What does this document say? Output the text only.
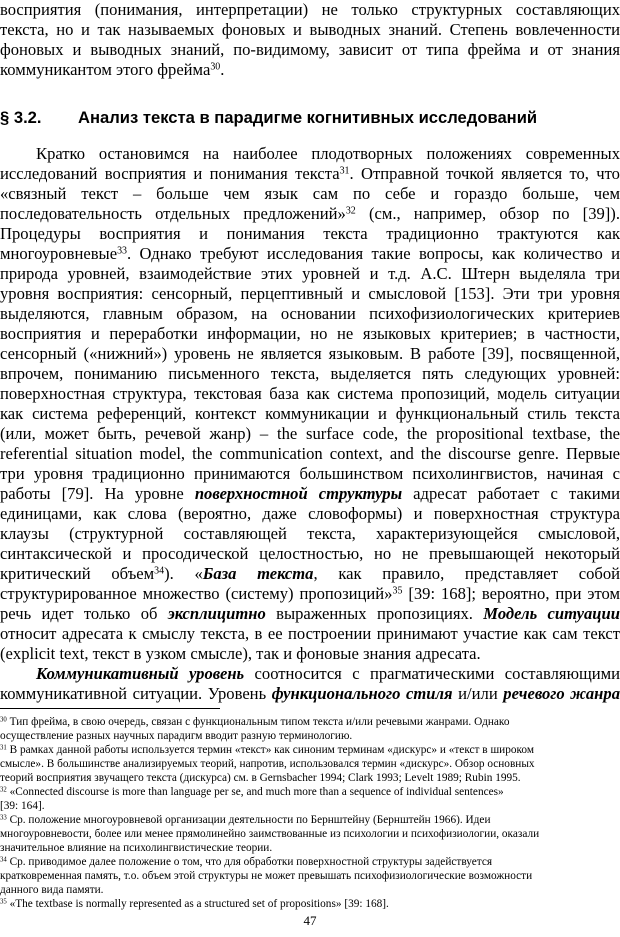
восприятия (понимания, интерпретации) не только структурных составляющих
текста, но и так называемых фоновых и выводных знаний. Степень вовлеченности
фоновых и выводных знаний, по-видимому, зависит от типа фрейма и от знания
коммуникантом этого фрейма$^{30}$.
§ 3.2. Анализ текста в парадигме когнитивных исследований
Кратко остановимся на наиболее плодотворных положениях современных
исследований восприятия и понимания текста$^{31}$. Отправной точкой является то, что
«связный текст – больше чем язык сам по себе и гораздо больше, чем
последовательность отдельных предложений»$^{32}$ (см., например, обзор по [39]).
Процедуры восприятия и понимания текста традиционно трактуются как
многоуровневые$^{33}$. Однако требуют исследования такие вопросы, как количество и
природа уровней, взаимодействие этих уровней и т.д. А.С. Штерн выделяла три
уровня восприятия: сенсорный, перцептивный и смысловой [153]. Эти три уровня
выделяются, главным образом, на основании психофизиологических критериев
восприятия и переработки информации, но не языковых критериев; в частности,
сенсорный («нижний») уровень не является языковым. В работе [39], посвященной,
впрочем, пониманию письменного текста, выделяется пять следующих уровней:
поверхностная структура, текстовая база как система пропозиций, модель ситуации
как система референций, контекст коммуникации и функциональный стиль текста
(или, может быть, речевой жанр) – the surface code, the propositional textbase, the
referential situation model, the communication context, and the discourse genre. Первые
три уровня традиционно принимаются большинством психолингвистов, начиная с
работы [79]. На уровне поверхностной структуры адресат работает с такими
единицами, как слова (вероятно, даже словоформы) и поверхностная структура
клаузы (структурной составляющей текста, характеризующейся смысловой,
синтаксической и просодической целостностью, но не превышающей некоторый
критический объем$^{34}$). «База текста, как правило, представляет собой
структурированное множество (систему) пропозиций»$^{35}$ [39: 168]; вероятно, при этом
речь идет только об эксплицитно выраженных пропозициях. Модель ситуации
относит адресата к смыслу текста, в ее построении принимают участие как сам текст
(explicit text, текст в узком смысле), так и фоновые знания адресата.
Коммуникативный уровень соотносится с прагматическими составляющими
коммуникативной ситуации. Уровень функционального стиля и/или речевого жанра
$^{30}$ Тип фрейма, в свою очередь, связан с функциональным типом текста и/или речевыми жанрами. Однако
осуществление разных научных парадигм вводит разную терминологию.
$^{31}$ В рамках данной работы используется термин «текст» как синоним терминам «дискурс» и «текст в широком
смысле». В большинстве анализируемых теорий, напротив, использовался термин «дискурс». Обзор основных
теорий восприятия звучащего текста (дискурса) см. в Gernsbacher 1994; Clark 1993; Levelt 1989; Rubin 1995.
$^{32}$ «Connected discourse is more than language per se, and much more than a sequence of individual sentences»
[39: 164].
$^{33}$ Ср. положение многоуровневой организации деятельности по Бернштейну (Бернштейн 1966). Идеи
многоуровневости, более или менее прямолинейно заимствованные из психологии и психофизиологии, оказали
значительное влияние на психолингвистические теории.
$^{34}$ Ср. приводимое далее положение о том, что для обработки поверхностной структуры задействуется
кратковременная память, т.о. объем этой структуры не может превышать психофизиологические возможности
данного вида памяти.
$^{35}$ «The textbase is normally represented as a structured set of propositions» [39: 168].
47
